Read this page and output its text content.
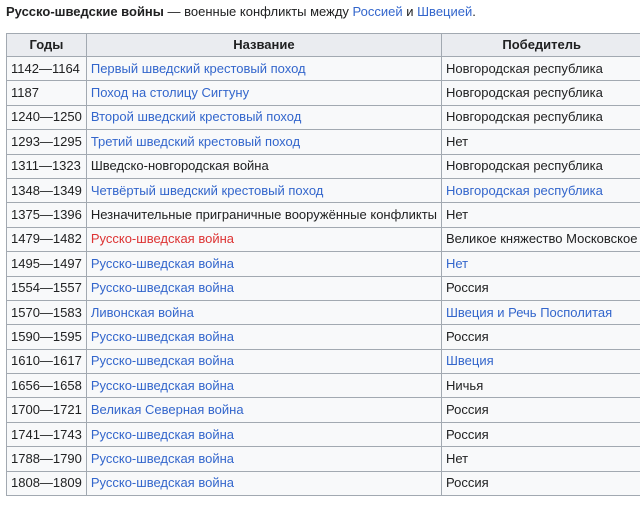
Русско-шведские войны — военные конфликты между Россией и Швецией.
Годы	Название	Победитель
1142—1164	Первый шведский крестовый поход	Новгородская республика
1187	Поход на столицу Сигтуну	Новгородская республика
1240—1250	Второй шведский крестовый поход	Новгородская республика
1293—1295	Третий шведский крестовый поход	Нет
1311—1323	Шведско-новгородская война	Новгородская республика
1348—1349	Четвёртый шведский крестовый поход	Новгородская республика
1375—1396	Незначительные приграничные вооружённые конфликты	Нет
1479—1482	Русско-шведская война	Великое княжество Московское
1495—1497	Русско-шведская война	Нет
1554—1557	Русско-шведская война	Россия
1570—1583	Ливонская война	Швеция и Речь Посполитая
1590—1595	Русско-шведская война	Россия
1610—1617	Русско-шведская война	Швеция
1656—1658	Русско-шведская война	Ничья
1700—1721	Великая Северная война	Россия
1741—1743	Русско-шведская война	Россия
1788—1790	Русско-шведская война	Нет
1808—1809	Русско-шведская война	Россия
